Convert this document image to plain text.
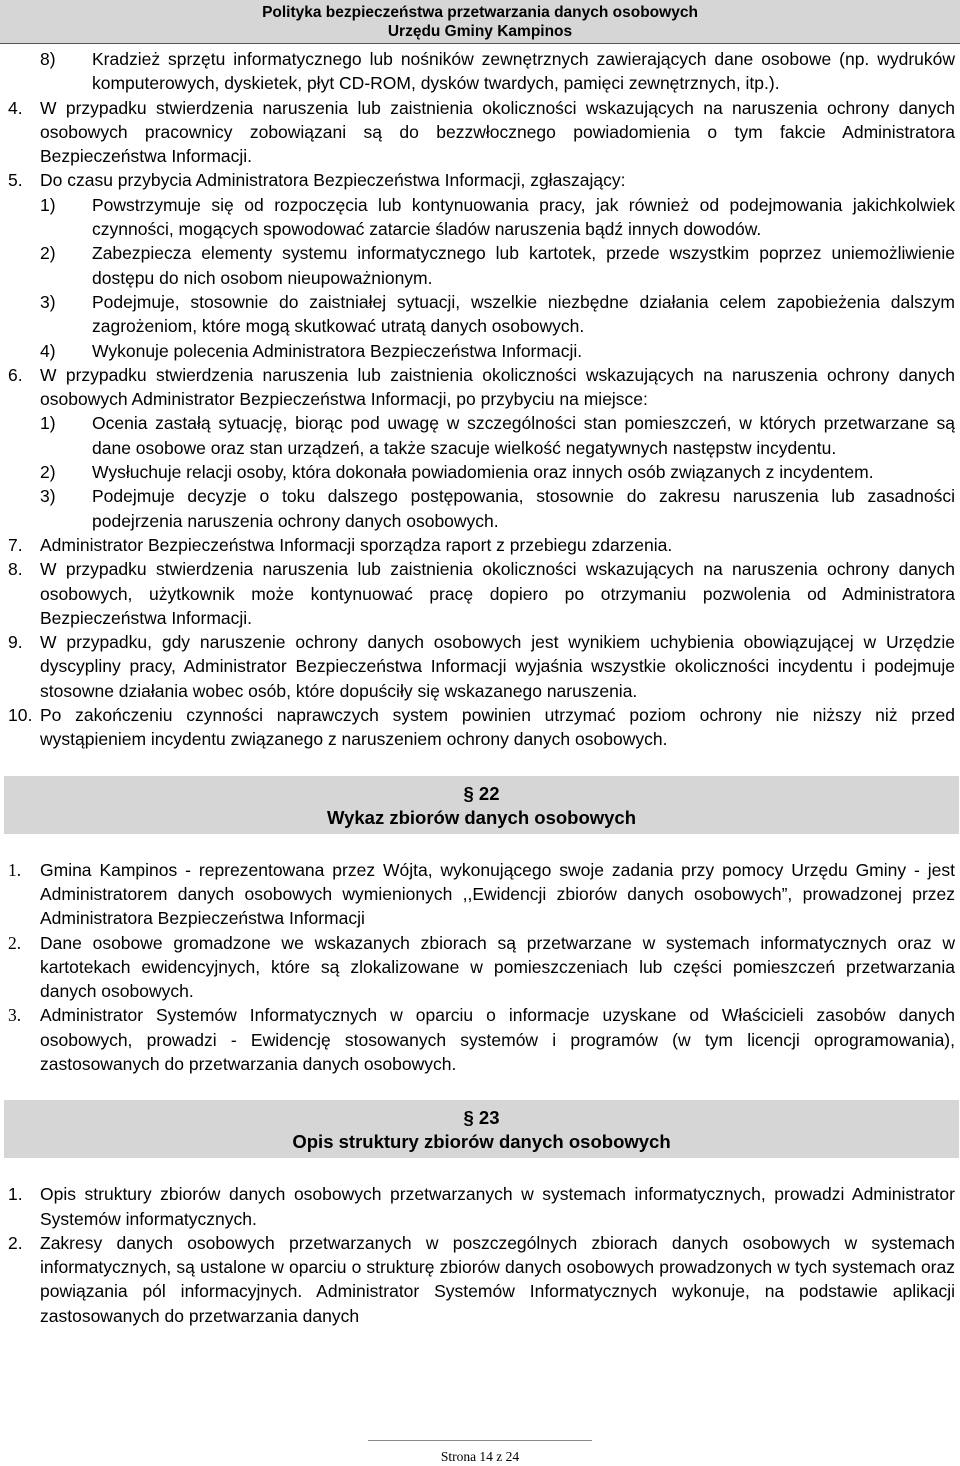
Polityka bezpieczeństwa przetwarzania danych osobowych
Urzędu Gminy Kampinos
8) Kradzież sprzętu informatycznego lub nośników zewnętrznych zawierających dane osobowe (np. wydruków komputerowych, dyskietek, płyt CD-ROM, dysków twardych, pamięci zewnętrznych, itp.).
4. W przypadku stwierdzenia naruszenia lub zaistnienia okoliczności wskazujących na naruszenia ochrony danych osobowych pracownicy zobowiązani są do bezzwłocznego powiadomienia o tym fakcie Administratora Bezpieczeństwa Informacji.
5. Do czasu przybycia Administratora Bezpieczeństwa Informacji, zgłaszający:
1) Powstrzymuje się od rozpoczęcia lub kontynuowania pracy, jak również od podejmowania jakichkolwiek czynności, mogących spowodować zatarcie śladów naruszenia bądź innych dowodów.
2) Zabezpiecza elementy systemu informatycznego lub kartotek, przede wszystkim poprzez uniemożliwienie dostępu do nich osobom nieupoważnionym.
3) Podejmuje, stosownie do zaistniałej sytuacji, wszelkie niezbędne działania celem zapobieżenia dalszym zagrożeniom, które mogą skutkować utratą danych osobowych.
4) Wykonuje polecenia Administratora Bezpieczeństwa Informacji.
6. W przypadku stwierdzenia naruszenia lub zaistnienia okoliczności wskazujących na naruszenia ochrony danych osobowych Administrator Bezpieczeństwa Informacji, po przybyciu na miejsce:
1) Ocenia zastałą sytuację, biorąc pod uwagę w szczególności stan pomieszczeń, w których przetwarzane są dane osobowe oraz stan urządzeń, a także szacuje wielkość negatywnych następstw incydentu.
2) Wysłuchuje relacji osoby, która dokonała powiadomienia oraz innych osób związanych z incydentem.
3) Podejmuje decyzje o toku dalszego postępowania, stosownie do zakresu naruszenia lub zasadności podejrzenia naruszenia ochrony danych osobowych.
7. Administrator Bezpieczeństwa Informacji sporządza raport z przebiegu zdarzenia.
8. W przypadku stwierdzenia naruszenia lub zaistnienia okoliczności wskazujących na naruszenia ochrony danych osobowych, użytkownik może kontynuować pracę dopiero po otrzymaniu pozwolenia od Administratora Bezpieczeństwa Informacji.
9. W przypadku, gdy naruszenie ochrony danych osobowych jest wynikiem uchybienia obowiązującej w Urzędzie dyscypliny pracy, Administrator Bezpieczeństwa Informacji wyjaśnia wszystkie okoliczności incydentu i podejmuje stosowne działania wobec osób, które dopuściły się wskazanego naruszenia.
10. Po zakończeniu czynności naprawczych system powinien utrzymać poziom ochrony nie niższy niż przed wystąpieniem incydentu związanego z naruszeniem ochrony danych osobowych.
§ 22
Wykaz zbiorów danych osobowych
1. Gmina Kampinos - reprezentowana przez Wójta, wykonującego swoje zadania przy pomocy Urzędu Gminy - jest Administratorem danych osobowych wymienionych ,,Ewidencji zbiorów danych osobowych”, prowadzonej przez Administratora Bezpieczeństwa Informacji
2. Dane osobowe gromadzone we wskazanych zbiorach są przetwarzane w systemach informatycznych oraz w kartotekach ewidencyjnych, które są zlokalizowane w pomieszczeniach lub części pomieszczeń przetwarzania danych osobowych.
3. Administrator Systemów Informatycznych w oparciu o informacje uzyskane od Właścicieli zasobów danych osobowych, prowadzi - Ewidencję stosowanych systemów i programów (w tym licencji oprogramowania), zastosowanych do przetwarzania danych osobowych.
§ 23
Opis struktury zbiorów danych osobowych
1. Opis struktury zbiorów danych osobowych przetwarzanych w systemach informatycznych, prowadzi Administrator Systemów informatycznych.
2. Zakresy danych osobowych przetwarzanych w poszczególnych zbiorach danych osobowych w systemach informatycznych, są ustalone w oparciu o strukturę zbiorów danych osobowych prowadzonych w tych systemach oraz powiązania pól informacyjnych. Administrator Systemów Informatycznych wykonuje, na podstawie aplikacji zastosowanych do przetwarzania danych
Strona 14 z 24
